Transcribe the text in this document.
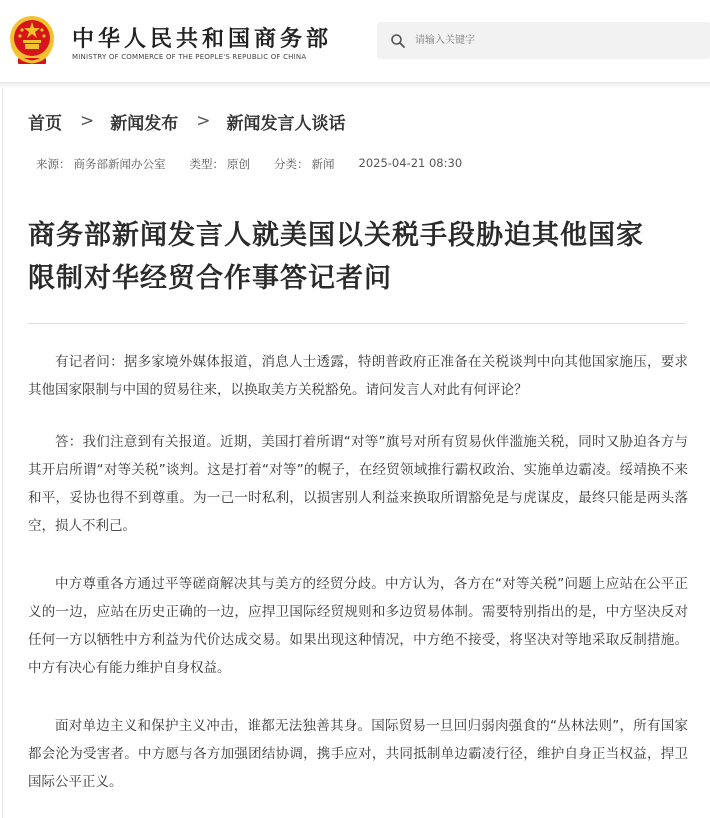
中华人民共和国商务部
MINISTRY OF COMMERCE OF THE PEOPLE'S REPUBLIC OF CHINA
请输入关键字
首页 > 新闻发布 > 新闻发言人谈话
来源： 商务部新闻办公室 类型： 原创 分类： 新闻 2025-04-21 08:30
商务部新闻发言人就美国以关税手段胁迫其他国家
限制对华经贸合作事答记者问

有记者问：据多家境外媒体报道，消息人士透露，特朗普政府正准备在关税谈判中向其他国家施压，要求其他国家限制与中国的贸易往来，以换取美方关税豁免。请问发言人对此有何评论？

答：我们注意到有关报道。近期，美国打着所谓“对等”旗号对所有贸易伙伴滥施关税，同时又胁迫各方与其开启所谓“对等关税”谈判。这是打着“对等”的幌子，在经贸领域推行霸权政治、实施单边霸凌。绥靖换不来和平，妥协也得不到尊重。为一己一时私利，以损害别人利益来换取所谓豁免是与虎谋皮，最终只能是两头落空，损人不利己。

中方尊重各方通过平等磋商解决其与美方的经贸分歧。中方认为，各方在“对等关税”问题上应站在公平正义的一边，应站在历史正确的一边，应捍卫国际经贸规则和多边贸易体制。需要特别指出的是，中方坚决反对任何一方以牺牲中方利益为代价达成交易。如果出现这种情况，中方绝不接受，将坚决对等地采取反制措施。中方有决心有能力维护自身权益。

面对单边主义和保护主义冲击，谁都无法独善其身。国际贸易一旦回归弱肉强食的“丛林法则”，所有国家都会沦为受害者。中方愿与各方加强团结协调，携手应对，共同抵制单边霸凌行径，维护自身正当权益，捍卫国际公平正义。
